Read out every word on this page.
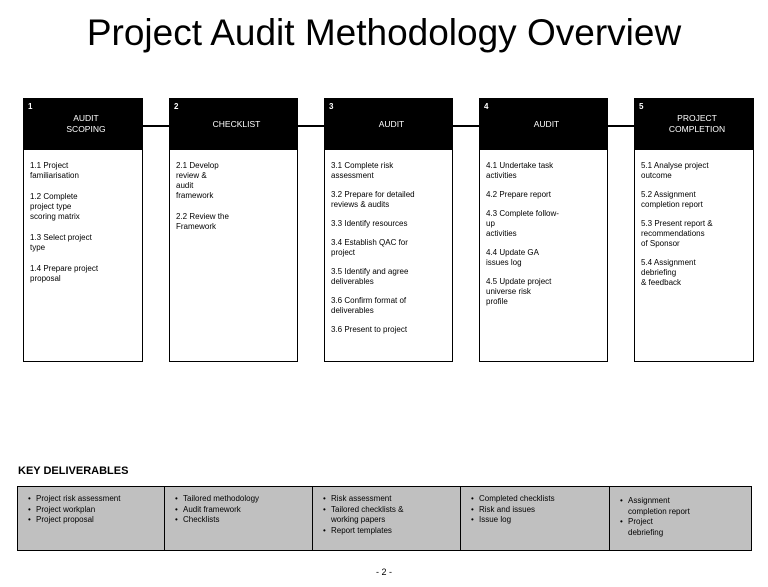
Project Audit Methodology Overview
1
AUDIT
SCOPING
1.1 Project
familiarisation
1.2 Complete
project type
scoring matrix
1.3 Select project
type
1.4 Prepare project
proposal
2
CHECKLIST
2.1 Develop
review &
audit
framework
2.2 Review the
Framework
3
AUDIT
3.1 Complete risk
assessment
3.2 Prepare for detailed
reviews & audits
3.3 Identify resources
3.4 Establish QAC for
project
3.5 Identify and agree
deliverables
3.6 Confirm format of
deliverables
3.6 Present to project
4
AUDIT
4.1 Undertake task
activities
4.2 Prepare report
4.3 Complete follow-
up
activities
4.4 Update GA
issues log
4.5 Update project
universe risk
profile
5
PROJECT
COMPLETION
5.1 Analyse project
outcome
5.2 Assignment
completion report
5.3 Present report &
recommendations
of Sponsor
5.4 Assignment
debriefing
& feedback
KEY DELIVERABLES
• Project risk assessment
• Project workplan
• Project proposal
• Tailored methodology
• Audit framework
• Checklists
• Risk assessment
• Tailored checklists &
working papers
• Report templates
• Completed checklists
• Risk and issues
• Issue log
• Assignment
completion report
• Project
debriefing
- 2 -
